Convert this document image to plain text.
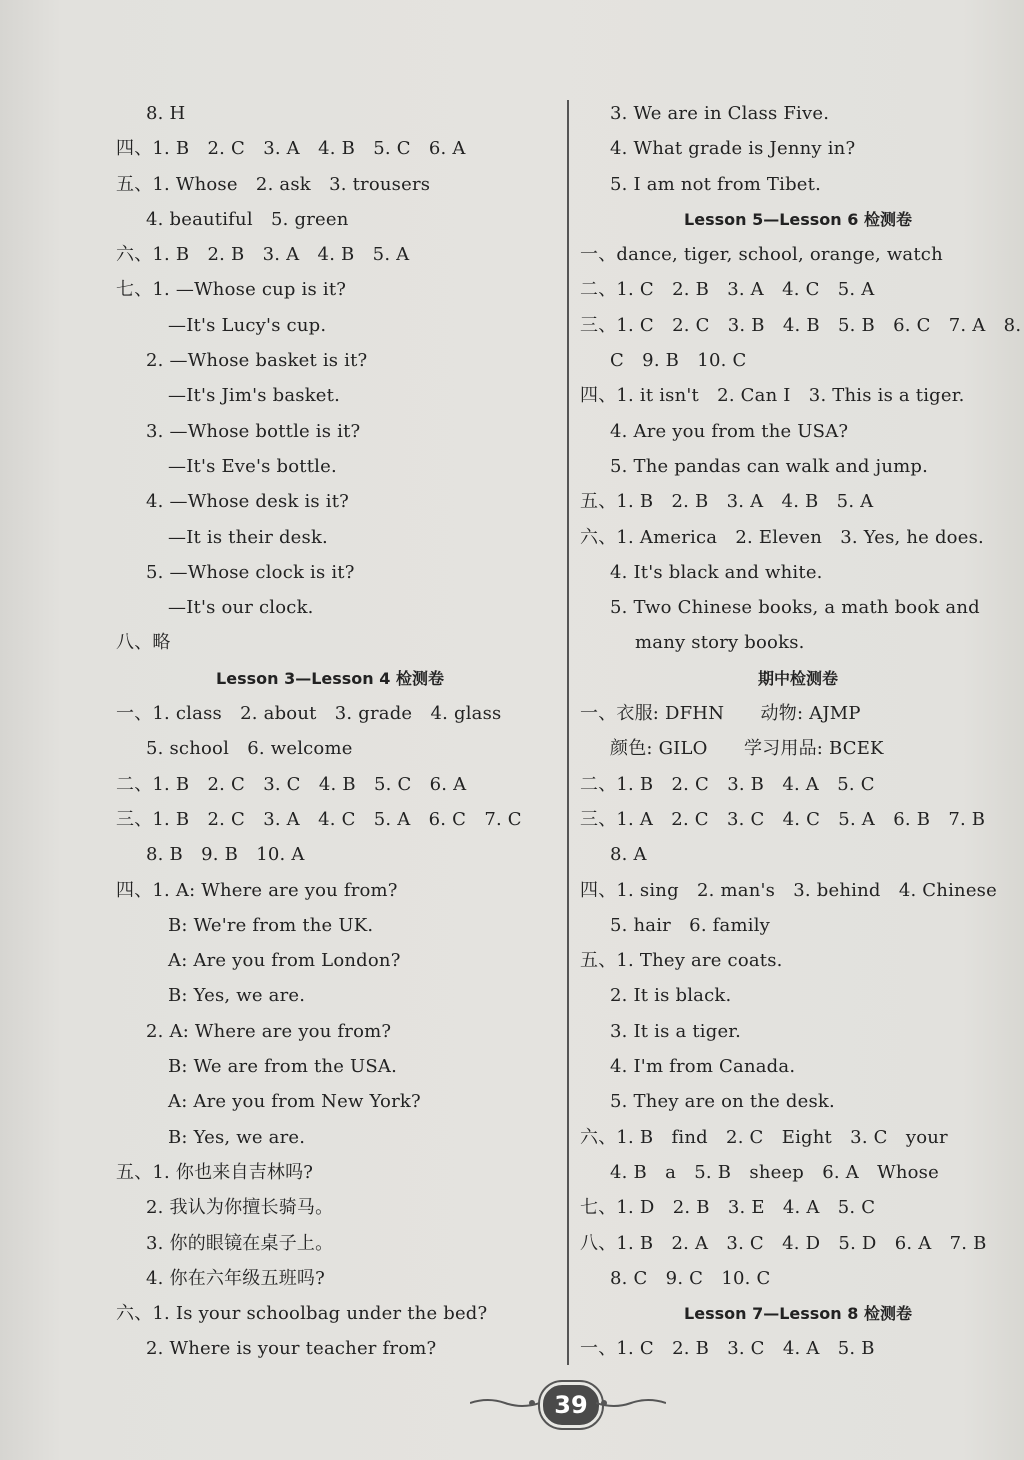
8. H
四、1. B　2. C　3. A　4. B　5. C　6. A
五、1. Whose　2. ask　3. trousers
4. beautiful　5. green
六、1. B　2. B　3. A　4. B　5. A
七、1. —Whose cup is it?
—It's Lucy's cup.
2. —Whose basket is it?
—It's Jim's basket.
3. —Whose bottle is it?
—It's Eve's bottle.
4. —Whose desk is it?
—It is their desk.
5. —Whose clock is it?
—It's our clock.
八、略
Lesson 3—Lesson 4 检测卷
一、1. class　2. about　3. grade　4. glass
5. school　6. welcome
二、1. B　2. C　3. C　4. B　5. C　6. A
三、1. B　2. C　3. A　4. C　5. A　6. C　7. C
8. B　9. B　10. A
四、1. A: Where are you from?
B: We're from the UK.
A: Are you from London?
B: Yes, we are.
2. A: Where are you from?
B: We are from the USA.
A: Are you from New York?
B: Yes, we are.
五、1. 你也来自吉林吗?
2. 我认为你擅长骑马。
3. 你的眼镜在桌子上。
4. 你在六年级五班吗?
六、1. Is your schoolbag under the bed?
2. Where is your teacher from?
3. We are in Class Five.
4. What grade is Jenny in?
5. I am not from Tibet.
Lesson 5—Lesson 6 检测卷
一、dance, tiger, school, orange, watch
二、1. C　2. B　3. A　4. C　5. A
三、1. C　2. C　3. B　4. B　5. B　6. C　7. A　8.
C　9. B　10. C
四、1. it isn't　2. Can I　3. This is a tiger.
4. Are you from the USA?
5. The pandas can walk and jump.
五、1. B　2. B　3. A　4. B　5. A
六、1. America　2. Eleven　3. Yes, he does.
4. It's black and white.
5. Two Chinese books, a math book and
many story books.
期中检测卷
一、衣服: DFHN　　动物: AJMP
颜色: GILO　　学习用品: BCEK
二、1. B　2. C　3. B　4. A　5. C
三、1. A　2. C　3. C　4. C　5. A　6. B　7. B
8. A
四、1. sing　2. man's　3. behind　4. Chinese
5. hair　6. family
五、1. They are coats.
2. It is black.
3. It is a tiger.
4. I'm from Canada.
5. They are on the desk.
六、1. B　find　2. C　Eight　3. C　your
4. B　a　5. B　sheep　6. A　Whose
七、1. D　2. B　3. E　4. A　5. C
八、1. B　2. A　3. C　4. D　5. D　6. A　7. B
8. C　9. C　10. C
Lesson 7—Lesson 8 检测卷
一、1. C　2. B　3. C　4. A　5. B
39
